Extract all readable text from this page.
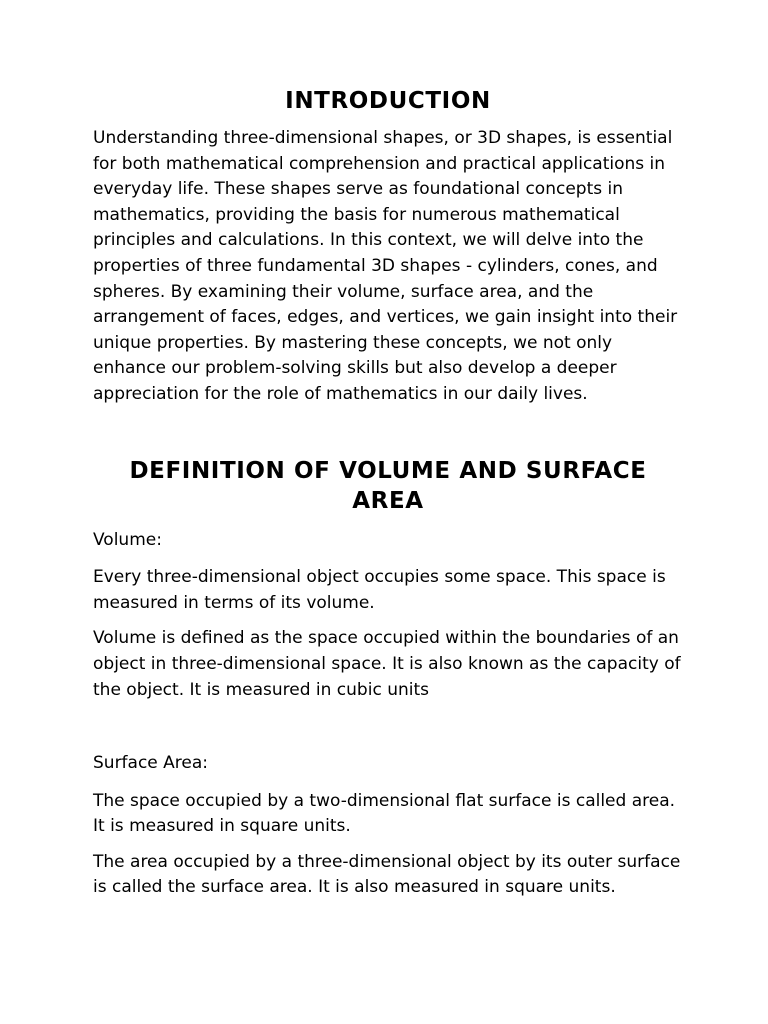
INTRODUCTION

Understanding three-dimensional shapes, or 3D shapes, is essential for both mathematical comprehension and practical applications in everyday life. These shapes serve as foundational concepts in mathematics, providing the basis for numerous mathematical principles and calculations. In this context, we will delve into the properties of three fundamental 3D shapes - cylinders, cones, and spheres. By examining their volume, surface area, and the arrangement of faces, edges, and vertices, we gain insight into their unique properties. By mastering these concepts, we not only enhance our problem-solving skills but also develop a deeper appreciation for the role of mathematics in our daily lives.

DEFINITION OF VOLUME AND SURFACE AREA

Volume:

Every three-dimensional object occupies some space. This space is measured in terms of its volume.

Volume is defined as the space occupied within the boundaries of an object in three-dimensional space. It is also known as the capacity of the object. It is measured in cubic units

Surface Area:

The space occupied by a two-dimensional flat surface is called area. It is measured in square units.

The area occupied by a three-dimensional object by its outer surface is called the surface area. It is also measured in square units.
